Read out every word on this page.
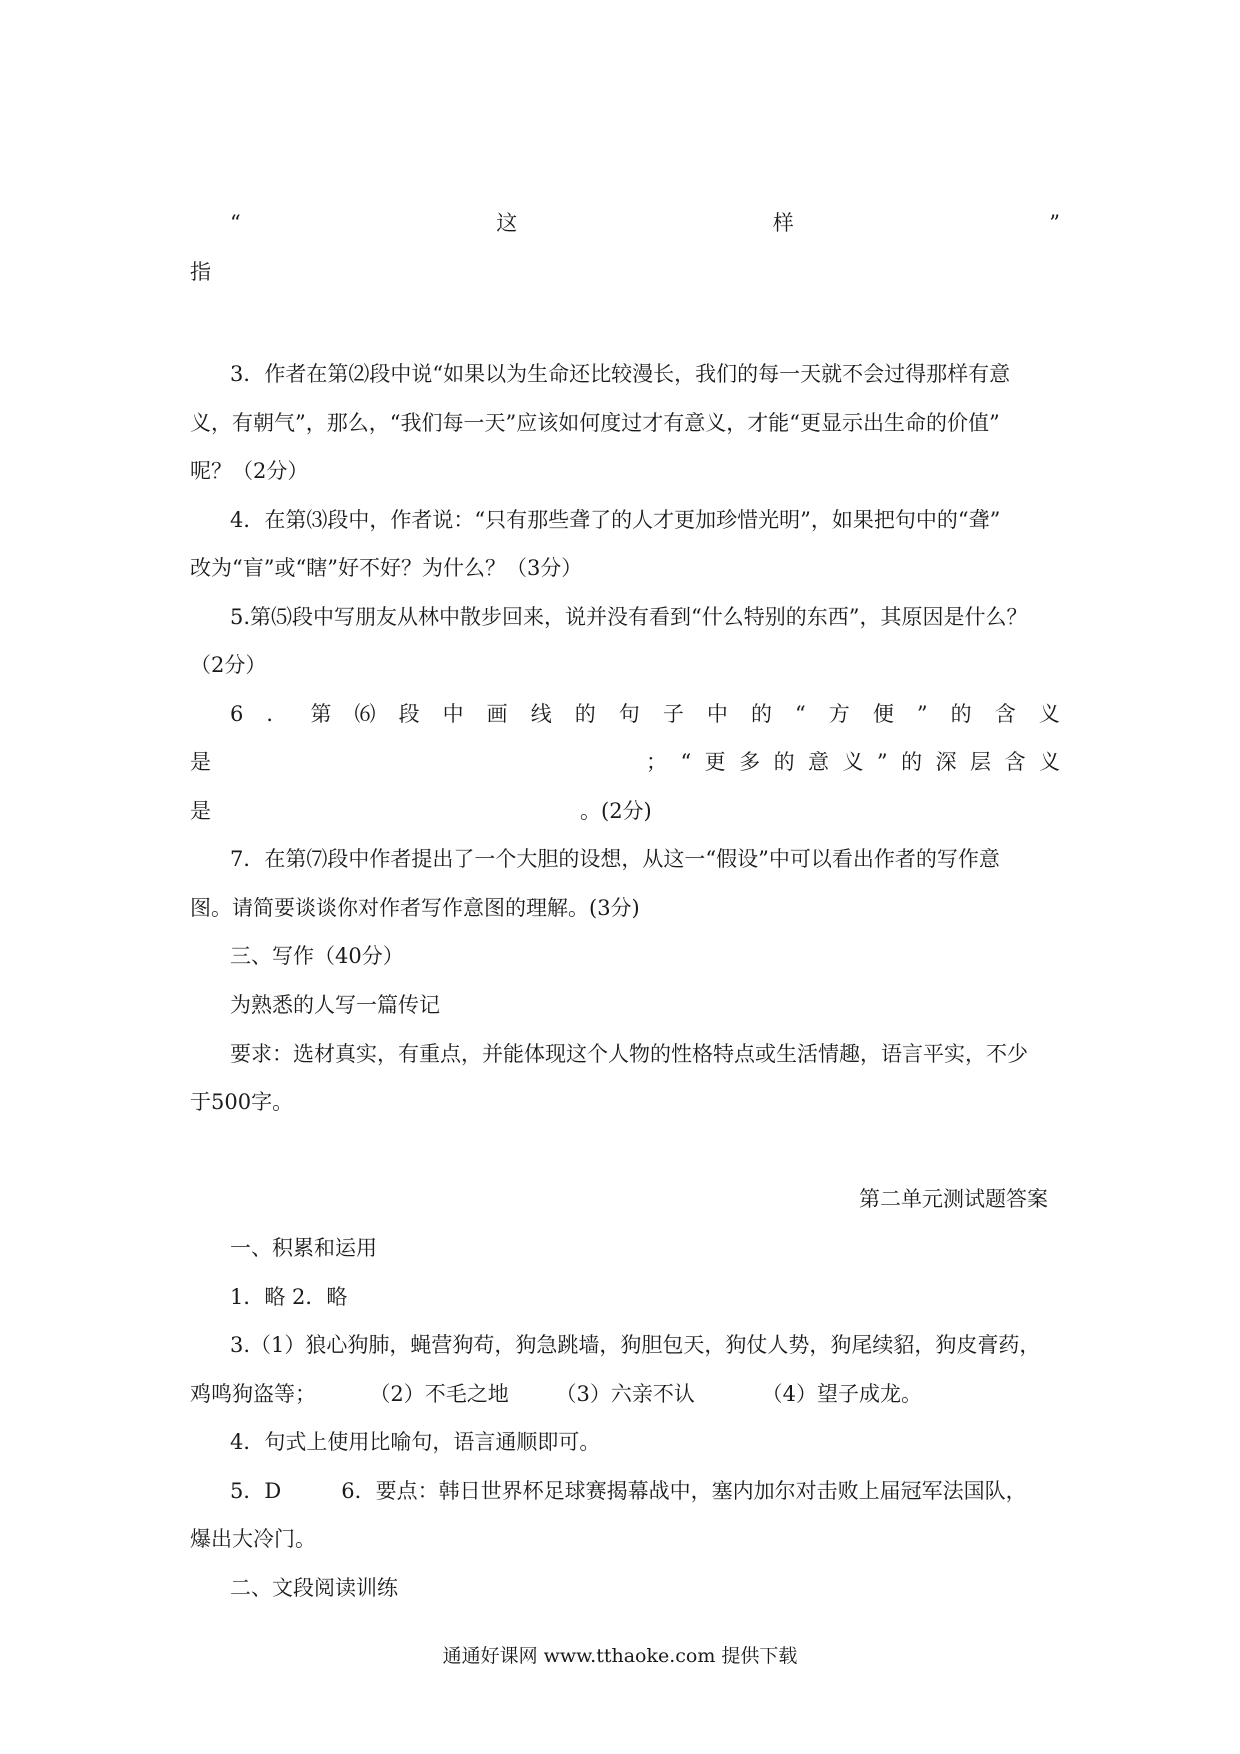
“	这	样	”
指
3．作者在第⑵段中说“如果以为生命还比较漫长，我们的每一天就不会过得那样有意
义，有朝气”，那么，“我们每一天”应该如何度过才有意义，才能“更显示出生命的价值”
呢？（2分）
4．在第⑶段中，作者说：“只有那些聋了的人才更加珍惜光明”，如果把句中的“聋”
改为“盲”或“瞎”好不好？为什么？（3分）
5.第⑸段中写朋友从林中散步回来，说并没有看到“什么特别的东西”，其原因是什么？
（2分）
6 ． 第 ⑹ 段 中 画 线 的 句 子 中 的 “ 方 便 ” 的 含 义
是	； “ 更 多 的 意 义 ” 的 深 层 含 义
是	。(2分)
7．在第⑺段中作者提出了一个大胆的设想，从这一“假设”中可以看出作者的写作意
图。请简要谈谈你对作者写作意图的理解。(3分)
三、写作（40分）
为熟悉的人写一篇传记
要求：选材真实，有重点，并能体现这个人物的性格特点或生活情趣，语言平实，不少
于500字。
第二单元测试题答案
一、积累和运用
1．略 2．略
3.（1）狼心狗肺，蝇营狗苟，狗急跳墙，狗胆包天，狗仗人势，狗尾续貂，狗皮膏药，
鸡鸣狗盗等；        （2）不毛之地       （3）六亲不认          （4）望子成龙。
4．句式上使用比喻句，语言通顺即可。
5．D         6．要点：韩日世界杯足球赛揭幕战中，塞内加尔对击败上届冠军法国队，
爆出大冷门。
二、文段阅读训练
通通好课网 www.tthaoke.com 提供下载
